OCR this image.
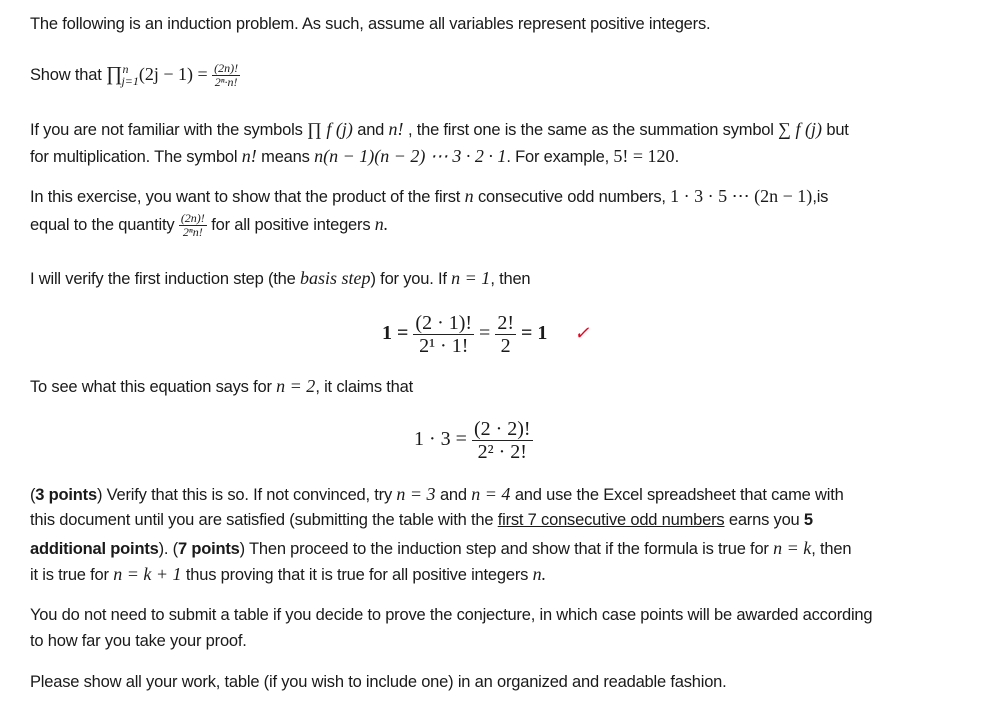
The following is an induction problem. As such, assume all variables represent positive integers.
Show that ∏$^n_{j=1}$(2j − $1) = \frac{(2n)!}{\text{2ⁿ·n!}}$
If you are not familiar with the symbols ∏ f (j) and n! , the first one is the same as the summation symbol ∑ f (j) but
for multiplication. The symbol n! means n(n − 1)(n − 2) ⋯ 3 · 2 · 1. For example, 5! = 120.
In this exercise, you want to show that the product of the first n consecutive odd numbers, 1 · 3 · 5 ⋯ (2n − 1),is
equal to the quantity $\frac{(2n)!}{\text{2ⁿn!}}$ for all positive integers n.
I will verify the first induction step (the basis step) for you. If n = 1, then
$1 = \frac{(2 \cdot 1)!}{\text{2¹ · 1!}} = \frac{2!}{2} = 1$ ✓
To see what this equation says for n = 2, it claims that
$1 \cdot 3 = \frac{(2 \cdot 2)!}{\text{2² · 2!}}$
(3 points) Verify that this is so. If not convinced, try n = 3 and n = 4 and use the Excel spreadsheet that came with
this document until you are satisfied (submitting the table with the first 7 consecutive odd numbers earns you 5
additional points). (7 points) Then proceed to the induction step and show that if the formula is true for n = k, then
it is true for n = k + 1 thus proving that it is true for all positive integers n.
You do not need to submit a table if you decide to prove the conjecture, in which case points will be awarded according
to how far you take your proof.
Please show all your work, table (if you wish to include one) in an organized and readable fashion.
